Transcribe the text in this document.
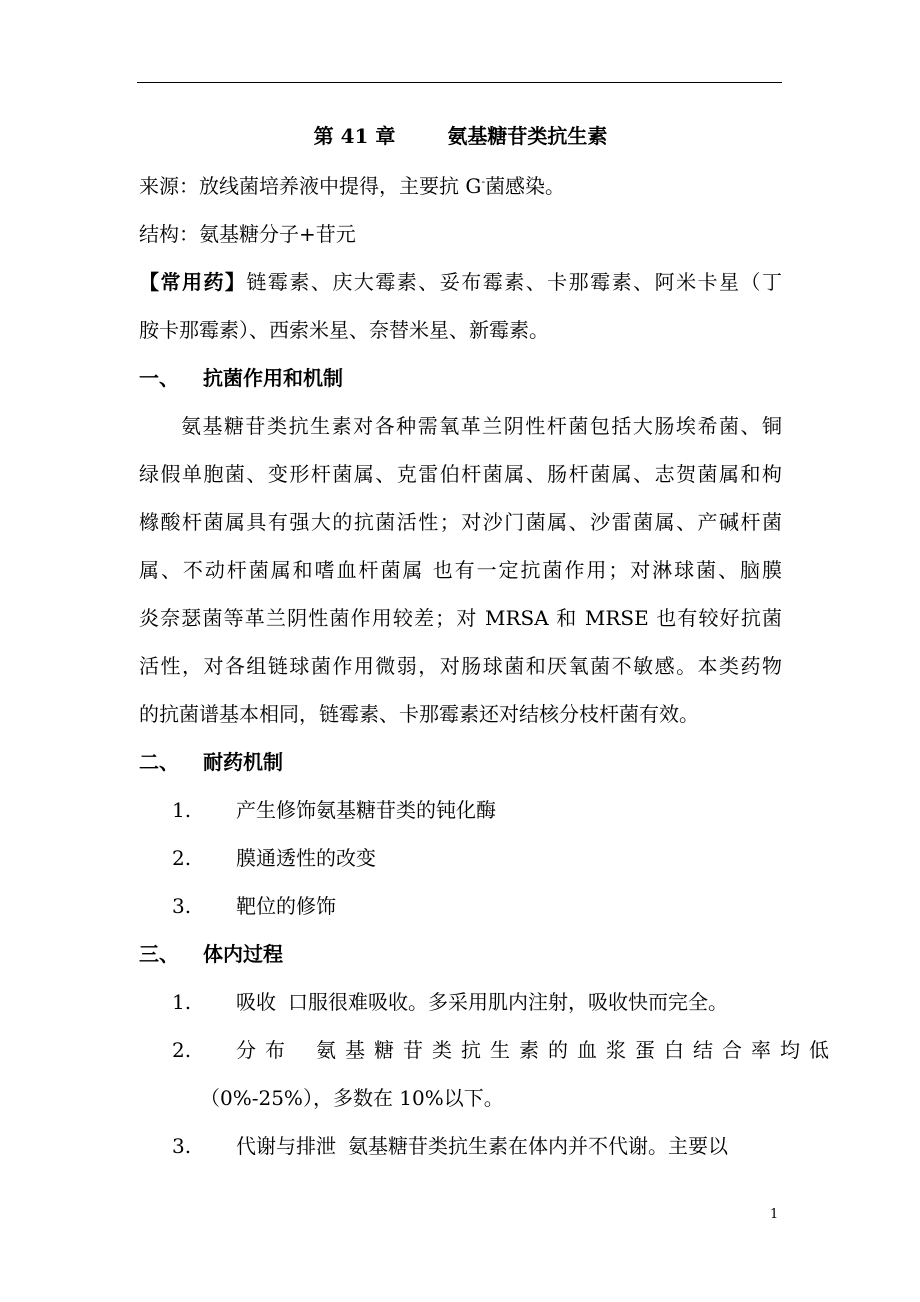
第 41 章	氨基糖苷类抗生素
来源：放线菌培养液中提得，主要抗 G-菌感染。
结构：氨基糖分子+苷元
【常用药】链霉素、庆大霉素、妥布霉素、卡那霉素、阿米卡星（丁
胺卡那霉素）、西索米星、奈替米星、新霉素。
一、 抗菌作用和机制
氨基糖苷类抗生素对各种需氧革兰阴性杆菌包括大肠埃希菌、铜
绿假单胞菌、变形杆菌属、克雷伯杆菌属、肠杆菌属、志贺菌属和枸
橼酸杆菌属具有强大的抗菌活性；对沙门菌属、沙雷菌属、产碱杆菌
属、不动杆菌属和嗜血杆菌属 也有一定抗菌作用；对淋球菌、脑膜
炎奈瑟菌等革兰阴性菌作用较差；对 MRSA 和 MRSE 也有较好抗菌
活性，对各组链球菌作用微弱，对肠球菌和厌氧菌不敏感。本类药物
的抗菌谱基本相同，链霉素、卡那霉素还对结核分枝杆菌有效。
二、 耐药机制
1. 产生修饰氨基糖苷类的钝化酶
2. 膜通透性的改变
3. 靶位的修饰
三、 体内过程
1. 吸收 口服很难吸收。多采用肌内注射，吸收快而完全。
2. 分布 氨基糖苷类抗生素的血浆蛋白结合率均低
（0%-25%），多数在 10%以下。
3. 代谢与排泄 氨基糖苷类抗生素在体内并不代谢。主要以
1
